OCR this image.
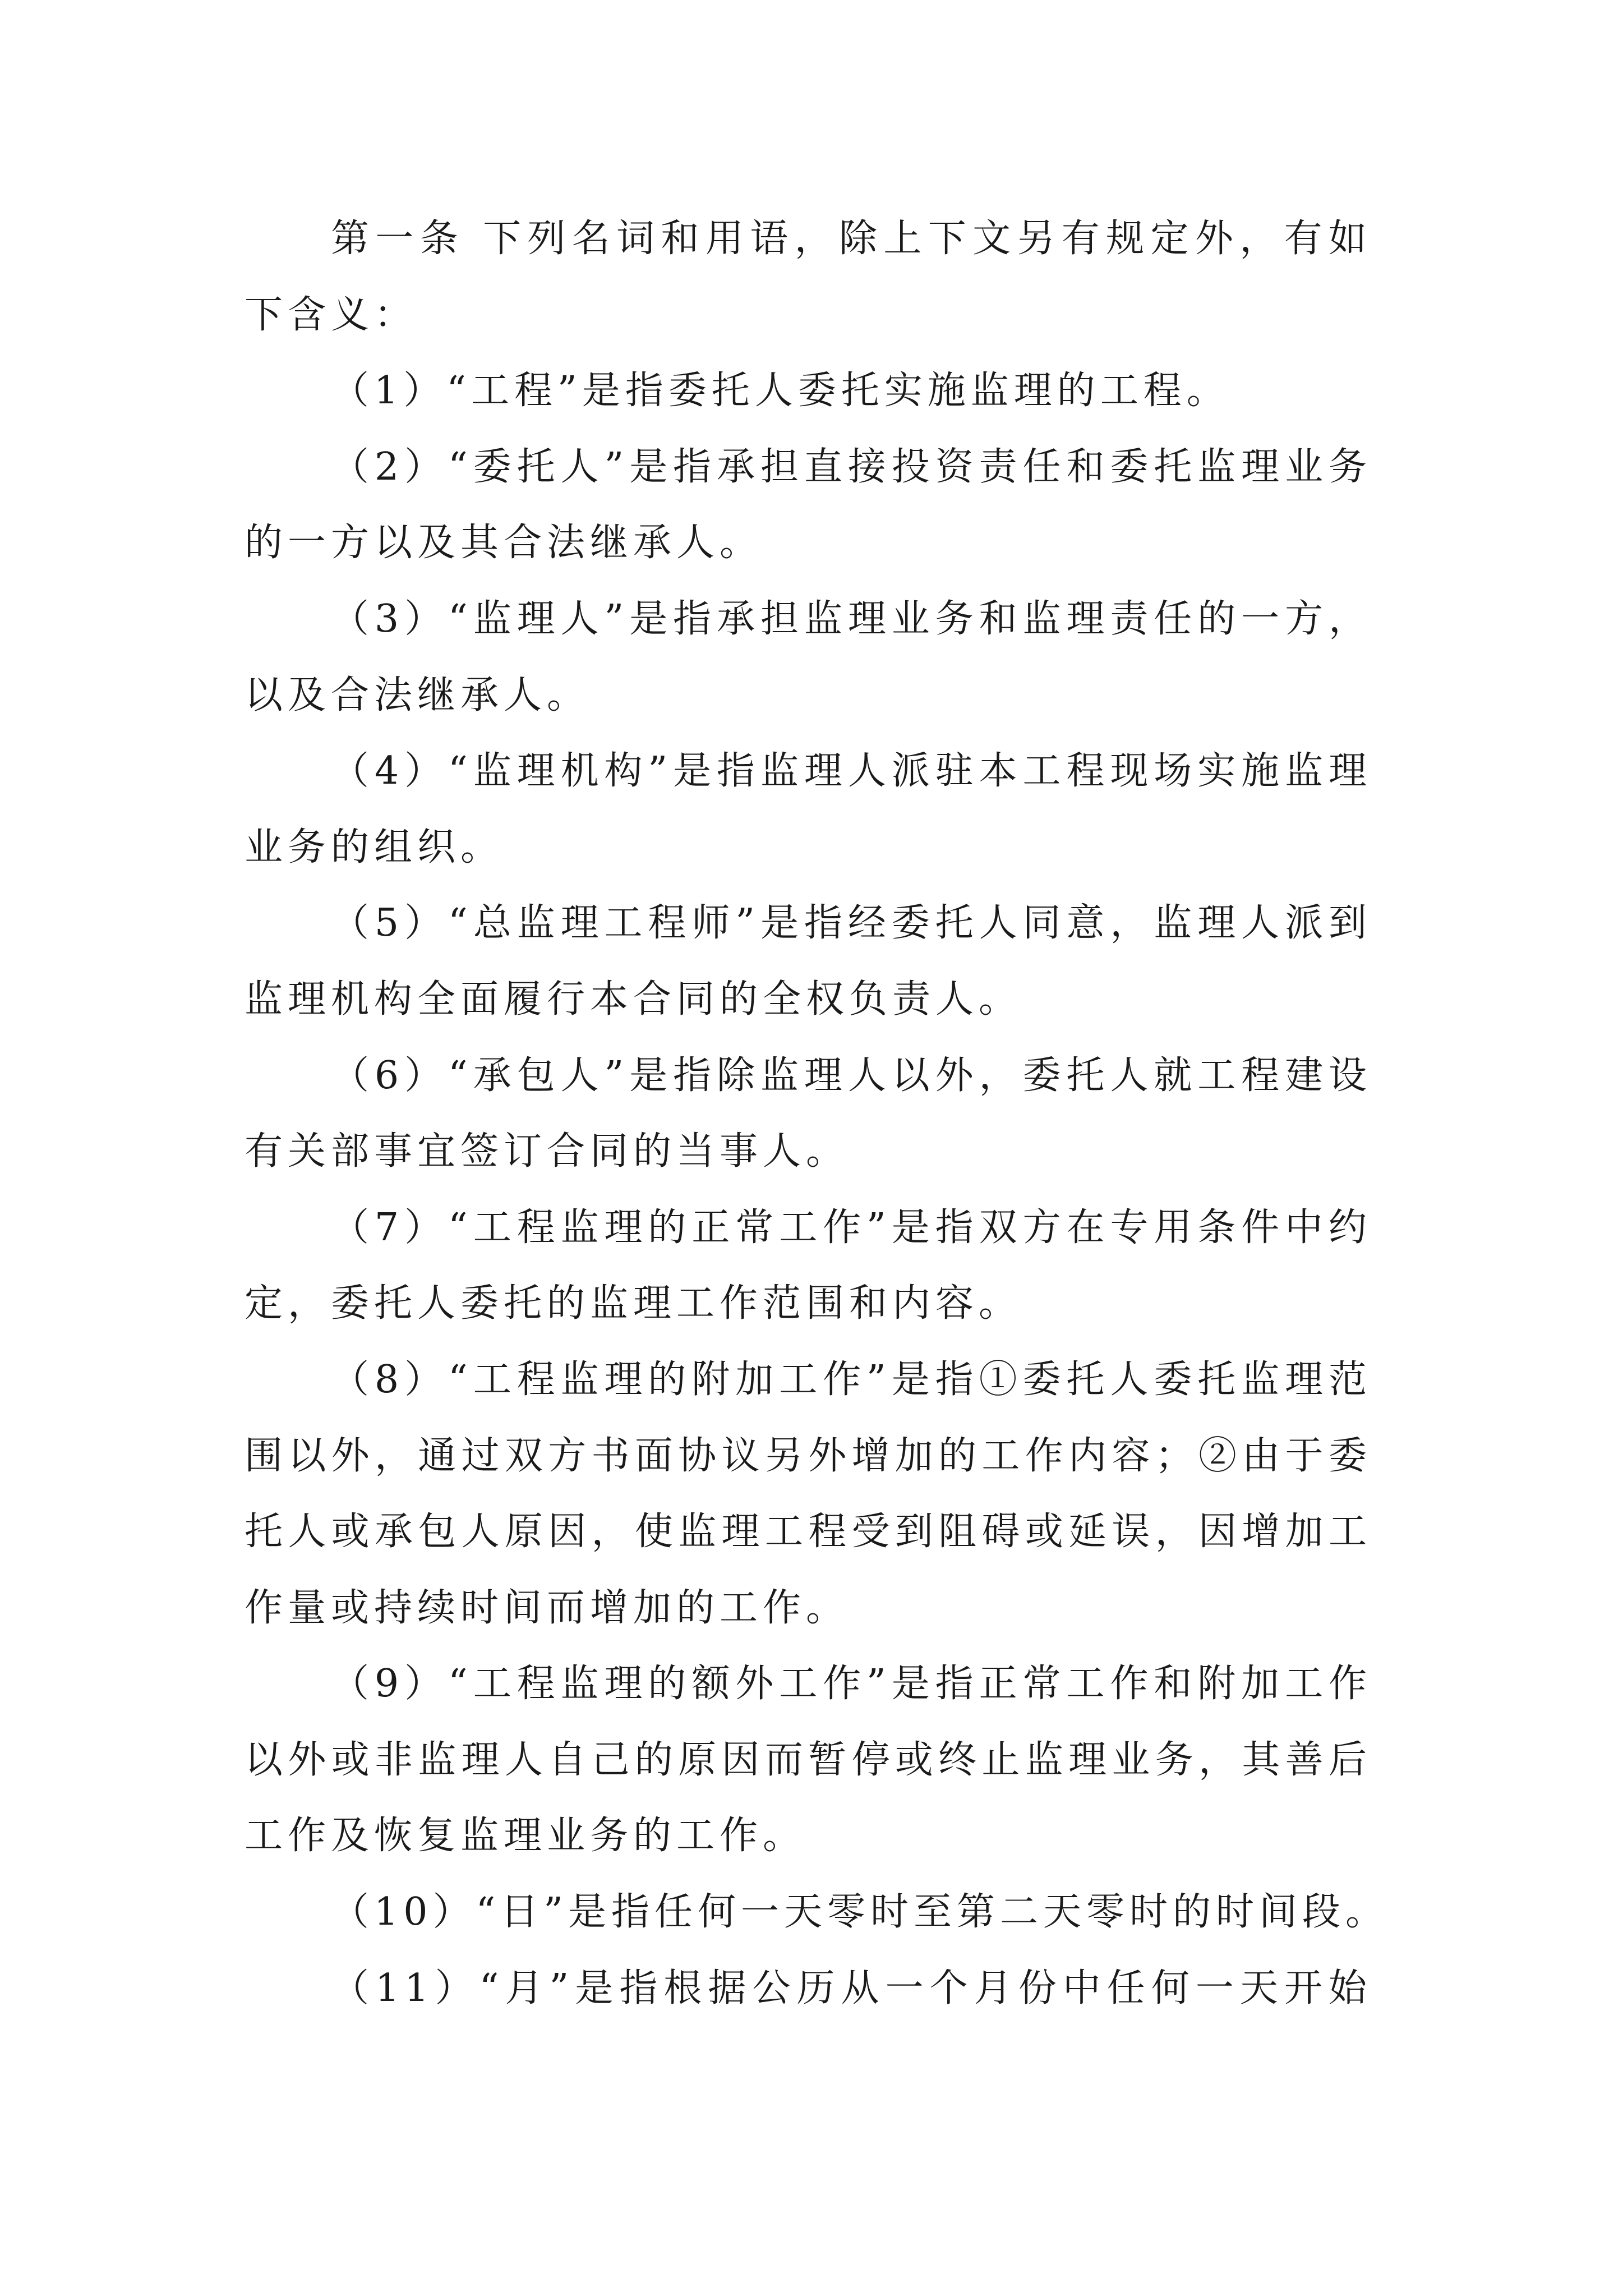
第一条 下列名词和用语，除上下文另有规定外，有如
下含义：

（1）“工程”是指委托人委托实施监理的工程。

（2）“委托人”是指承担直接投资责任和委托监理业务
的一方以及其合法继承人。

（3）“监理人”是指承担监理业务和监理责任的一方，
以及合法继承人。

（4）“监理机构”是指监理人派驻本工程现场实施监理
业务的组织。

（5）“总监理工程师”是指经委托人同意，监理人派到
监理机构全面履行本合同的全权负责人。

（6）“承包人”是指除监理人以外，委托人就工程建设
有关部事宜签订合同的当事人。

（7）“工程监理的正常工作”是指双方在专用条件中约
定，委托人委托的监理工作范围和内容。

（8）“工程监理的附加工作”是指①委托人委托监理范
围以外，通过双方书面协议另外增加的工作内容；②由于委
托人或承包人原因，使监理工程受到阻碍或延误，因增加工
作量或持续时间而增加的工作。

（9）“工程监理的额外工作”是指正常工作和附加工作
以外或非监理人自己的原因而暂停或终止监理业务，其善后
工作及恢复监理业务的工作。

（10）“日”是指任何一天零时至第二天零时的时间段。

（11）“月”是指根据公历从一个月份中任何一天开始
